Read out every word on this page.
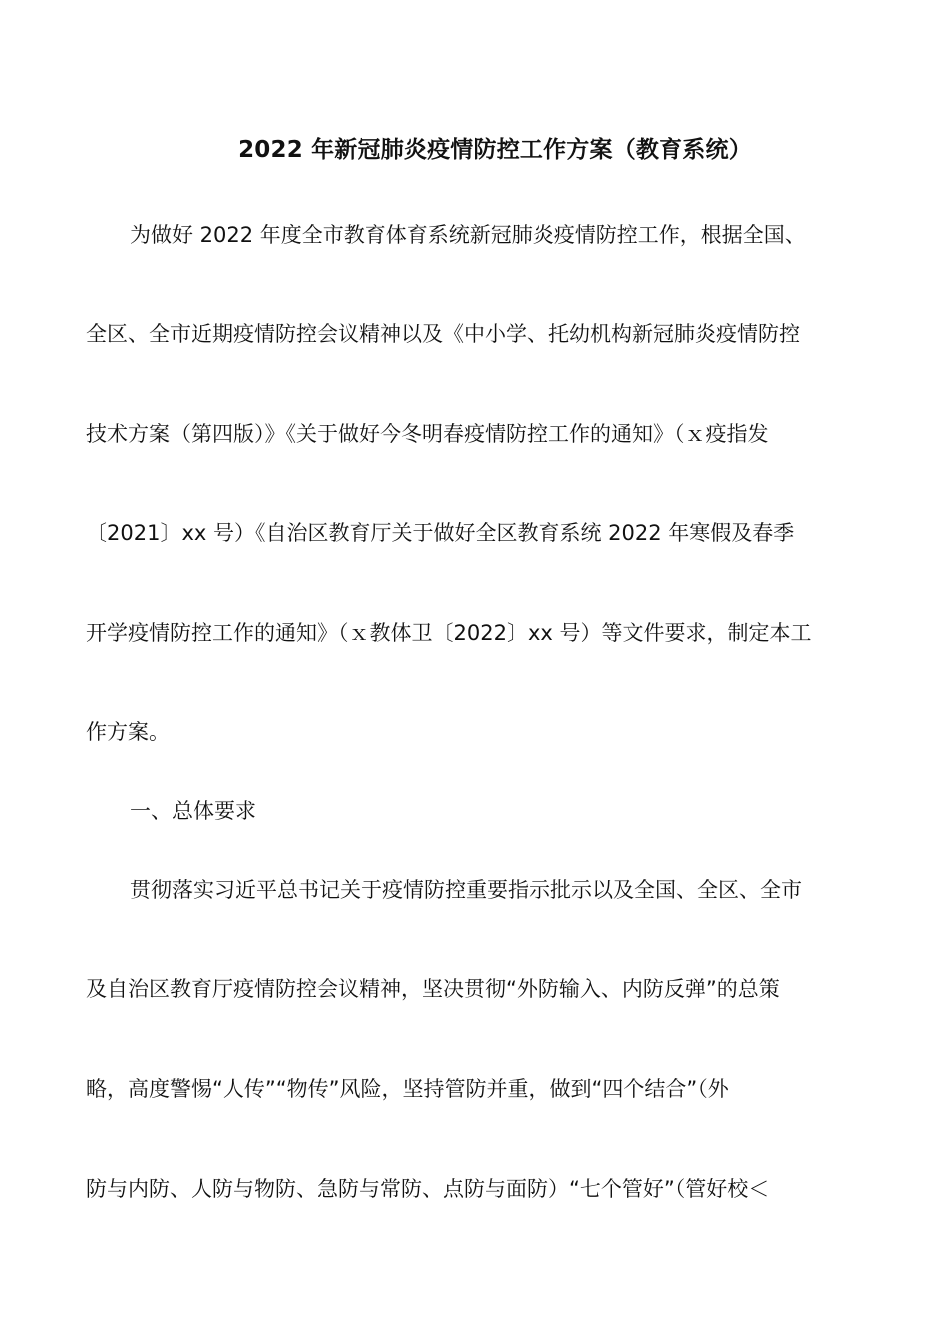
2022 年新冠肺炎疫情防控工作方案（教育系统）
为做好 2022 年度全市教育体育系统新冠肺炎疫情防控工作，根据全国、
全区、全市近期疫情防控会议精神以及《中小学、托幼机构新冠肺炎疫情防控
技术方案（第四版）》《关于做好今冬明春疫情防控工作的通知》（ｘ疫指发
〔2021〕xx 号）《自治区教育厅关于做好全区教育系统 2022 年寒假及春季
开学疫情防控工作的通知》（ｘ教体卫〔2022〕xx 号）等文件要求，制定本工
作方案。
一、总体要求
贯彻落实习近平总书记关于疫情防控重要指示批示以及全国、全区、全市
及自治区教育厅疫情防控会议精神，坚决贯彻“外防输入、内防反弹”的总策
略，高度警惕“人传”“物传”风险，坚持管防并重，做到“四个结合”（外
防与内防、人防与物防、急防与常防、点防与面防）“七个管好”（管好校＜
